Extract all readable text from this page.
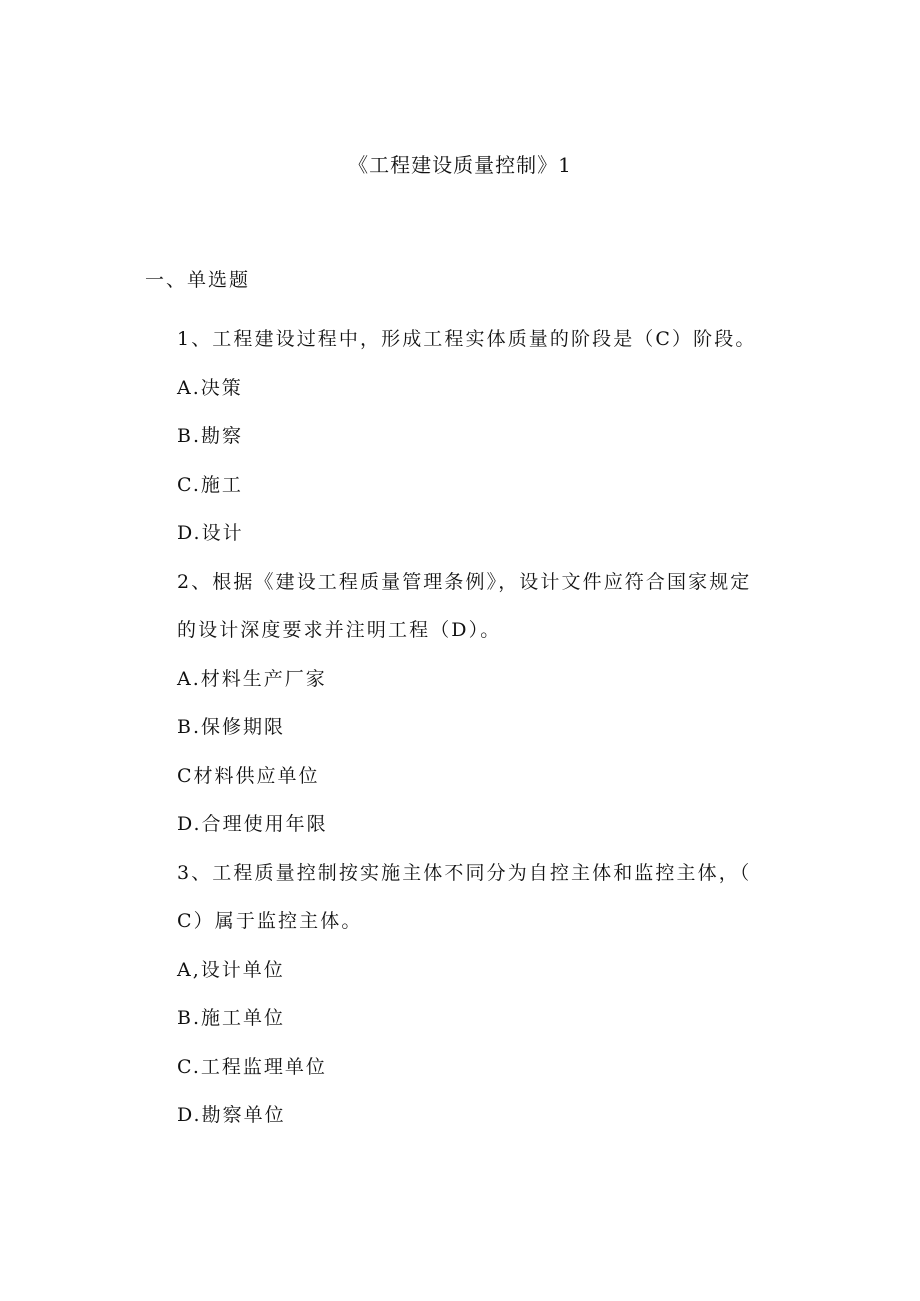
《工程建设质量控制》1
一、单选题

1、工程建设过程中，形成工程实体质量的阶段是（C）阶段。

A.决策

B.勘察

C.施工

D.设计

2、根据《建设工程质量管理条例》，设计文件应符合国家规定

的设计深度要求并注明工程（D）。

A.材料生产厂家

B.保修期限

C材料供应单位

D.合理使用年限

3、工程质量控制按实施主体不同分为自控主体和监控主体，（

C）属于监控主体。

A,设计单位

B.施工单位

C.工程监理单位

D.勘察单位
